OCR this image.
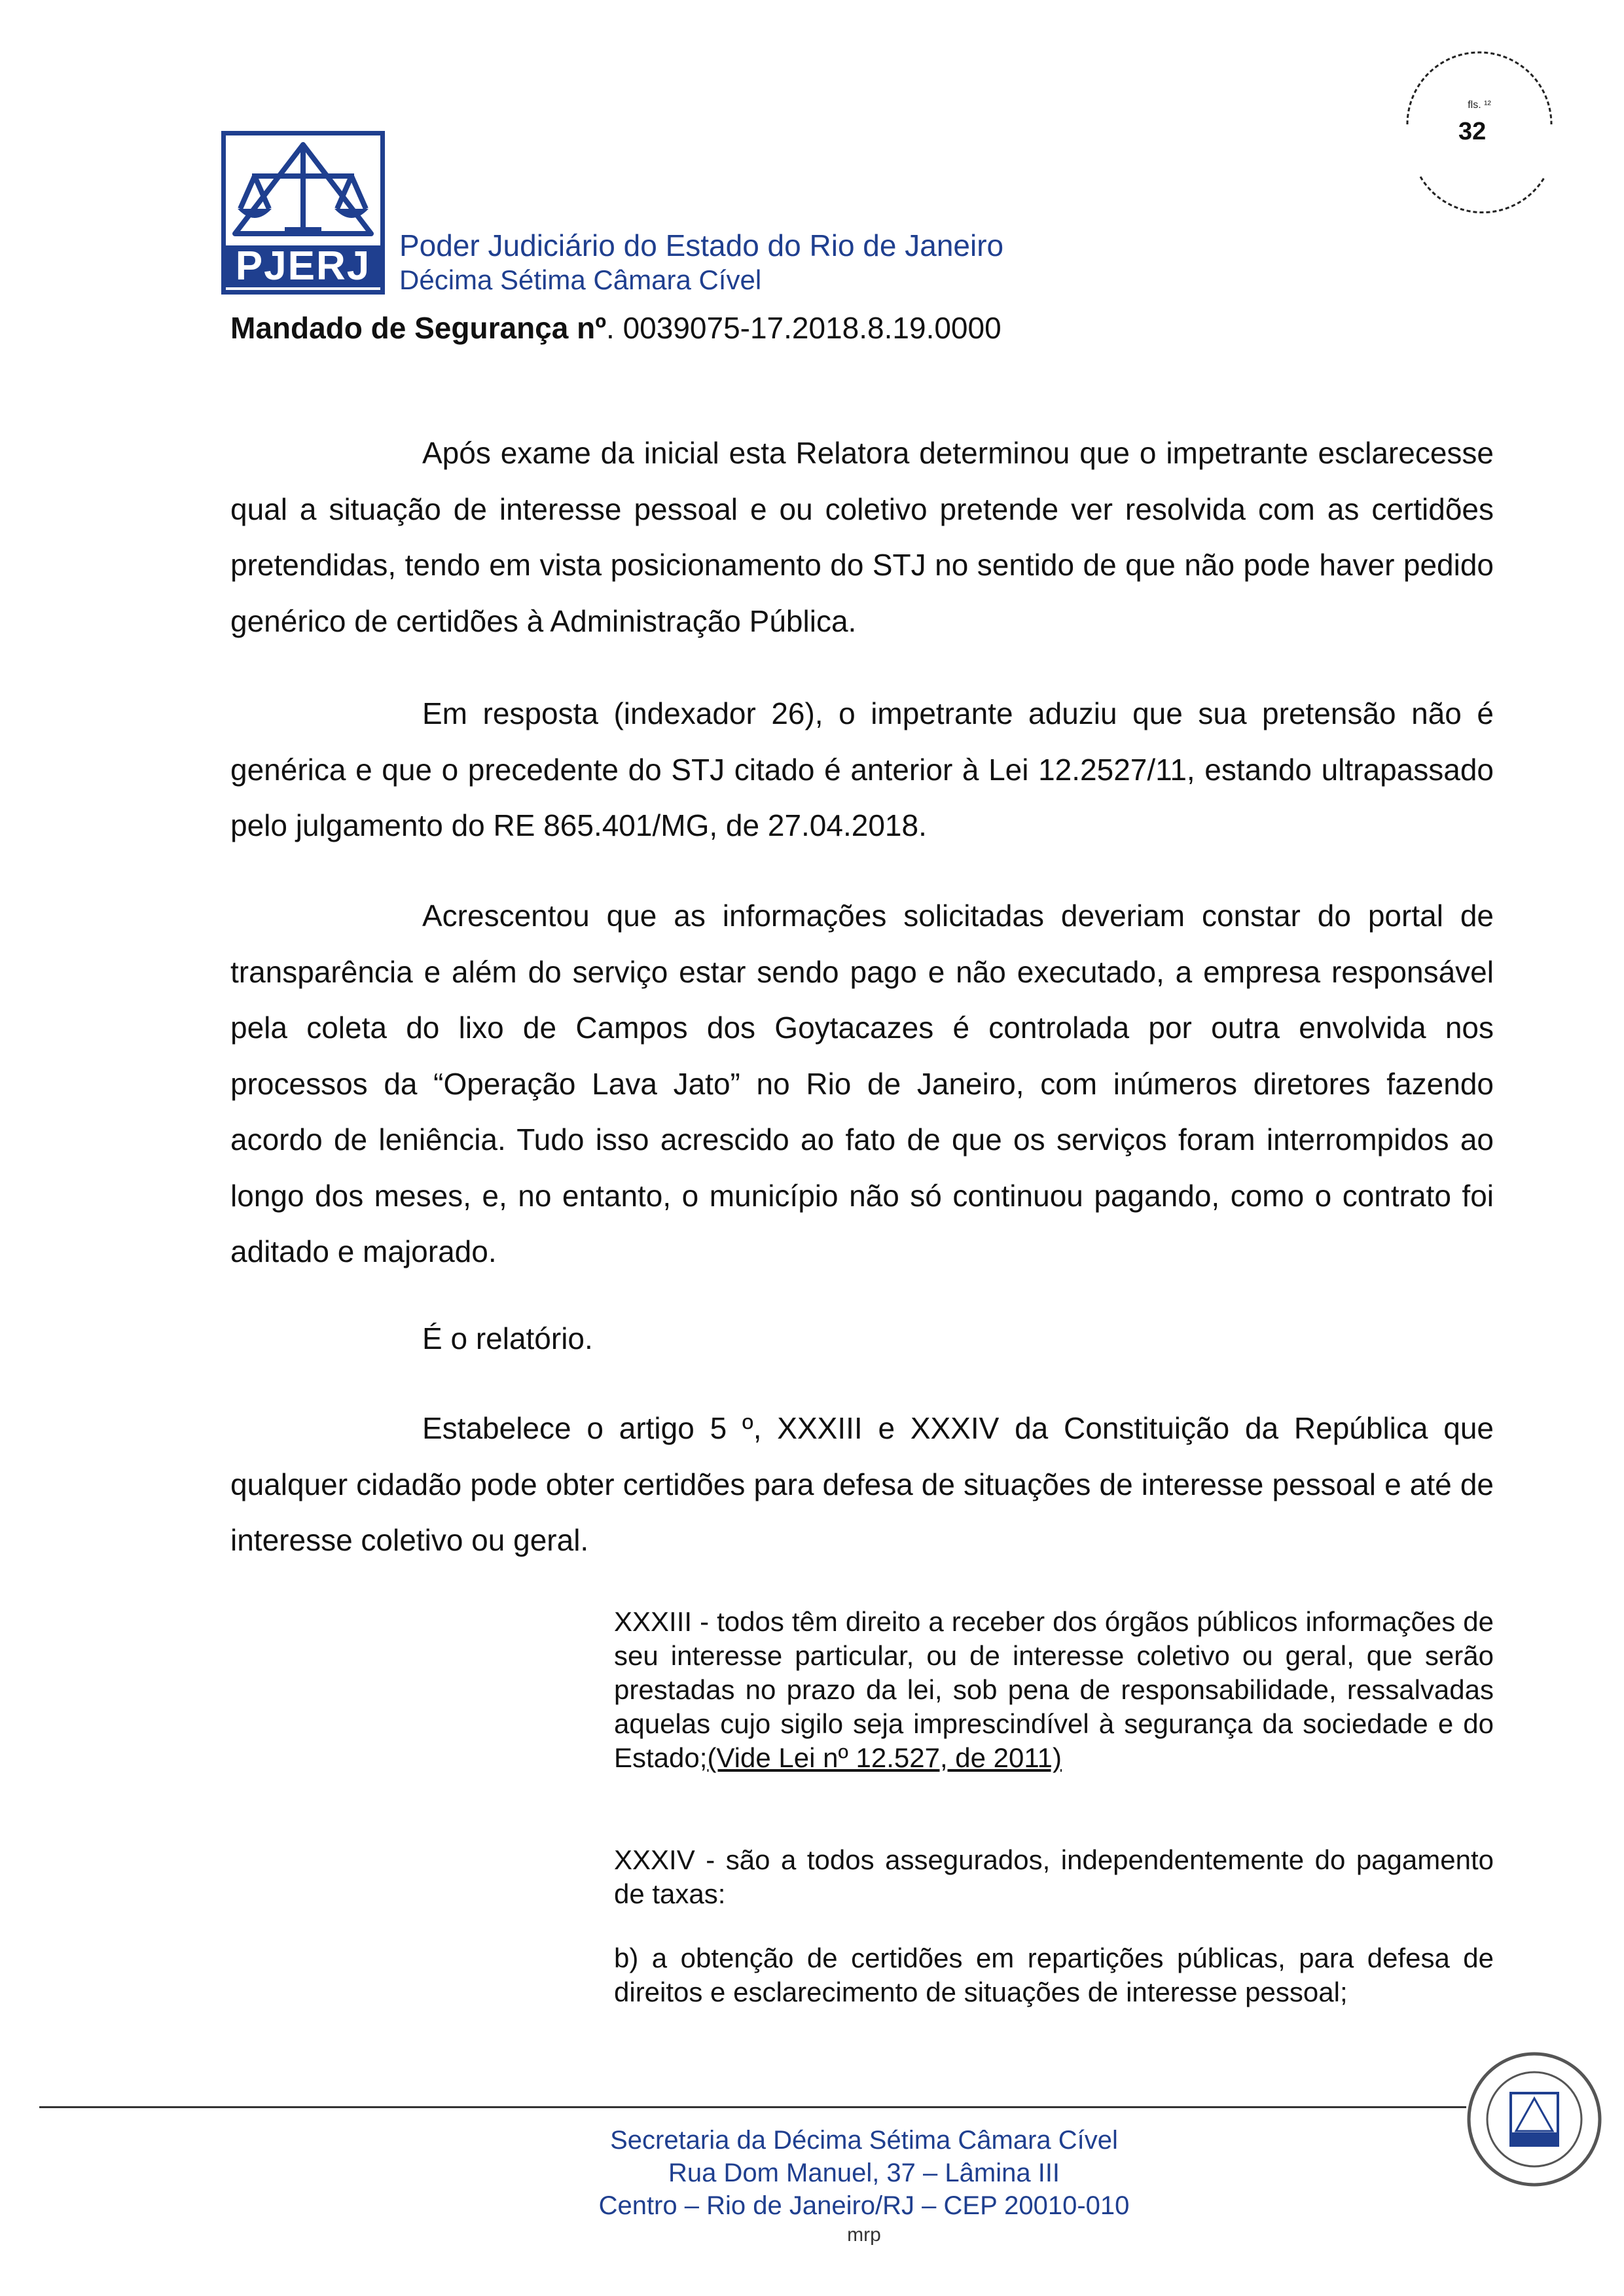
PJERJ Poder Judiciário do Estado do Rio de Janeiro
Décima Sétima Câmara Cível
Mandado de Segurança nº. 0039075-17.2018.8.19.0000
fls. ¹²
32

Após exame da inicial esta Relatora determinou que o impetrante esclarecesse qual a situação de interesse pessoal e ou coletivo pretende ver resolvida com as certidões pretendidas, tendo em vista posicionamento do STJ no sentido de que não pode haver pedido genérico de certidões à Administração Pública.

Em resposta (indexador 26), o impetrante aduziu que sua pretensão não é genérica e que o precedente do STJ citado é anterior à Lei 12.2527/11, estando ultrapassado pelo julgamento do RE 865.401/MG, de 27.04.2018.

Acrescentou que as informações solicitadas deveriam constar do portal de transparência e além do serviço estar sendo pago e não executado, a empresa responsável pela coleta do lixo de Campos dos Goytacazes é controlada por outra envolvida nos processos da “Operação Lava Jato” no Rio de Janeiro, com inúmeros diretores fazendo acordo de leniência. Tudo isso acrescido ao fato de que os serviços foram interrompidos ao longo dos meses, e, no entanto, o município não só continuou pagando, como o contrato foi aditado e majorado.

É o relatório.

Estabelece o artigo 5 º, XXXIII e XXXIV da Constituição da República que qualquer cidadão pode obter certidões para defesa de situações de interesse pessoal e até de interesse coletivo ou geral.

XXXIII - todos têm direito a receber dos órgãos públicos informações de seu interesse particular, ou de interesse coletivo ou geral, que serão prestadas no prazo da lei, sob pena de responsabilidade, ressalvadas aquelas cujo sigilo seja imprescindível à segurança da sociedade e do Estado;(Vide Lei nº 12.527, de 2011)

XXXIV - são a todos assegurados, independentemente do pagamento de taxas:

b) a obtenção de certidões em repartições públicas, para defesa de direitos e esclarecimento de situações de interesse pessoal;

Secretaria da Décima Sétima Câmara Cível
Rua Dom Manuel, 37 – Lâmina III
Centro – Rio de Janeiro/RJ – CEP 20010-010
mrp
